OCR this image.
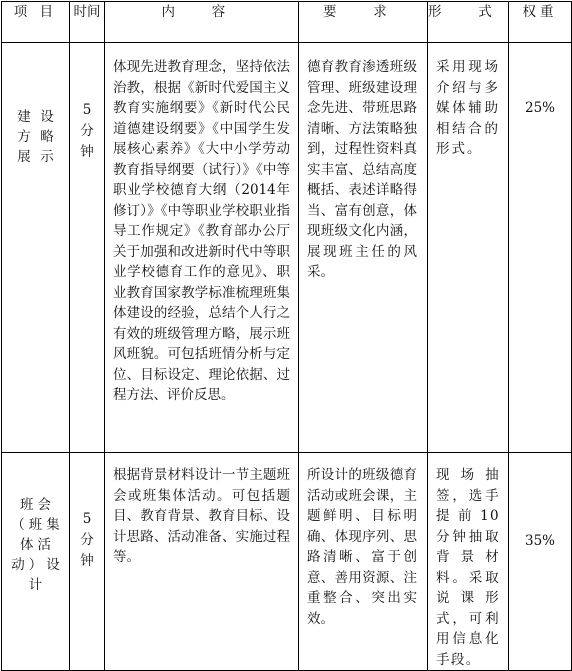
项 目	时间	内 容	要 求	形 式	权重

建设方略展示	5分钟	体现先进教育理念，坚持依法治教，根据《新时代爱国主义教育实施纲要》《新时代公民道德建设纲要》《中国学生发展核心素养》《大中小学劳动教育指导纲要（试行）》《中等职业学校德育大纲（2014年修订）》《中等职业学校职业指导工作规定》《教育部办公厅关于加强和改进新时代中等职业学校德育工作的意见》、职业教育国家教学标准梳理班集体建设的经验，总结个人行之有效的班级管理方略，展示班风班貌。可包括班情分析与定位、目标设定、理论依据、过程方法、评价反思。	德育教育渗透班级管理、班级建设理念先进、带班思路清晰、方法策略独到，过程性资料真实丰富、总结高度概括、表述详略得当、富有创意，体现班级文化内涵，展现班主任的风采。	采用现场介绍与多媒体辅助相结合的形式。	25%

班会（班集体活动）设计	5分钟	根据背景材料设计一节主题班会或班集体活动。可包括题目、教育背景、教育目标、设计思路、活动准备、实施过程等。	所设计的班级德育活动或班会课，主题鲜明、目标明确、体现序列、思路清晰、富于创意、善用资源、注重整合、突出实效。	现场抽签，选手提前10分钟抽取背景材料。采取说课形式，可利用信息化手段。	35%
